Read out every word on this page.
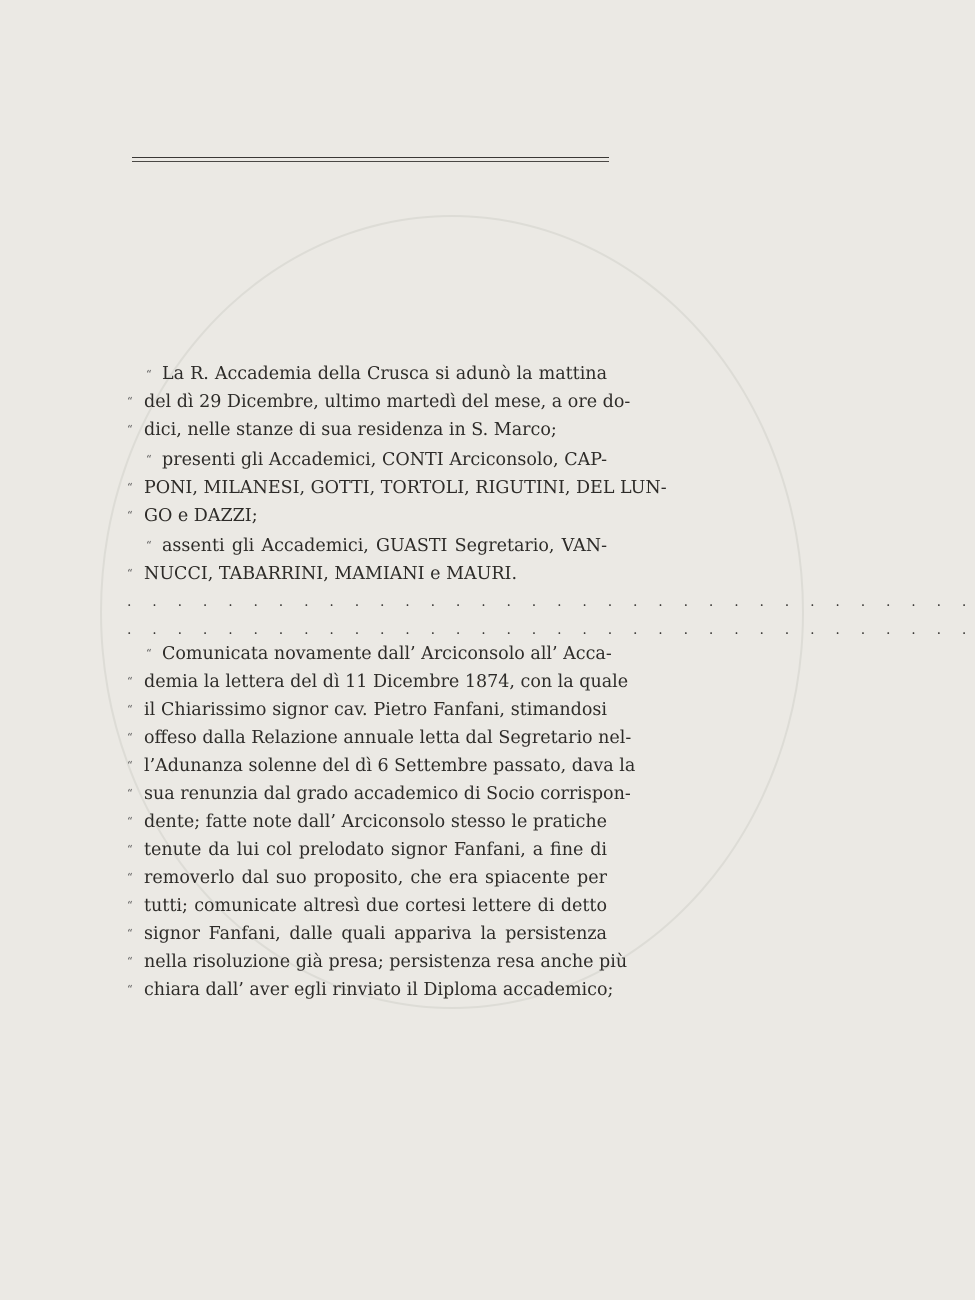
La R. Accademia della Crusca si adunò la mattina
“
“ del dì 29 Dicembre, ultimo martedì del mese, a ore do-
“ dici, nelle stanze di sua residenza in S. Marco;
“ presenti gli Accademici, CONTI Arciconsolo, CAP-
“ PONI, MILANESI, GOTTI, TORTOLI, RIGUTINI, DEL LUN-
“ GO e DAZZI;
“ assenti gli Accademici, GUASTI Segretario, VAN-
“ NUCCI, TABARRINI, MAMIANI e MAURI.
. . . . . . . . . . . . . . . . . . . . . . . . . . . . . . . . . .
. . . . . . . . . . . . . . . . . . . . . . . . . . . . . . . . . .
“ Comunicata novamente dall’ Arciconsolo all’ Acca-
“ demia la lettera del dì 11 Dicembre 1874, con la quale
“ il Chiarissimo signor cav. Pietro Fanfani, stimandosi
“ offeso dalla Relazione annuale letta dal Segretario nel-
“ l’Adunanza solenne del dì 6 Settembre passato, dava la
“ sua renunzia dal grado accademico di Socio corrispon-
“ dente; fatte note dall’ Arciconsolo stesso le pratiche
“ tenute da lui col prelodato signor Fanfani, a fine di
“ removerlo dal suo proposito, che era spiacente per
“ tutti; comunicate altresì due cortesi lettere di detto
“ signor Fanfani, dalle quali appariva la persistenza
“ nella risoluzione già presa; persistenza resa anche più
“ chiara dall’ aver egli rinviato il Diploma accademico;
